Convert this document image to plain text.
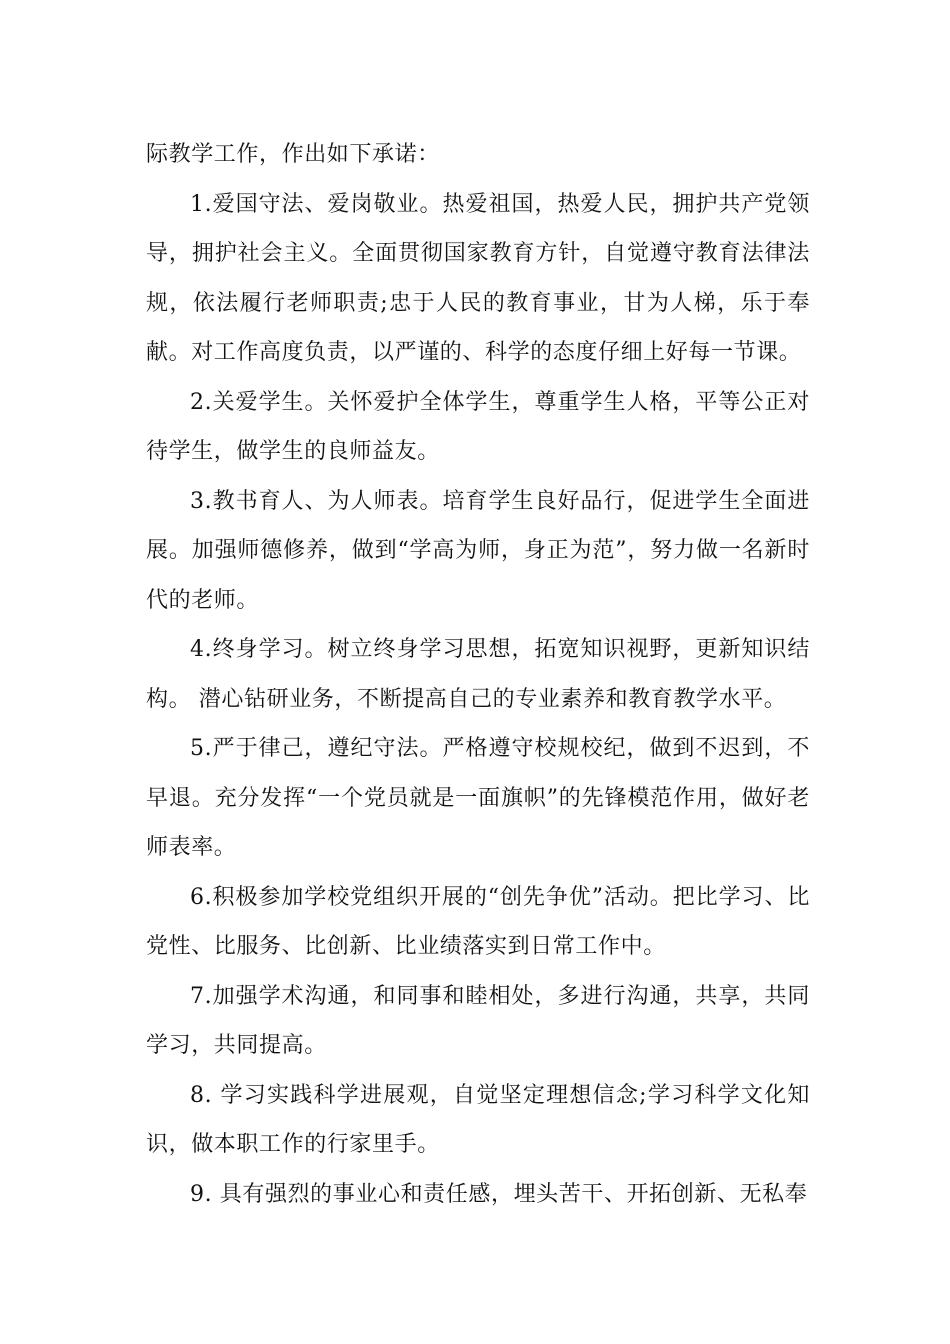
际教学工作，作出如下承诺：

1.爱国守法、爱岗敬业。热爱祖国，热爱人民，拥护共产党领导，拥护社会主义。全面贯彻国家教育方针，自觉遵守教育法律法规，依法履行老师职责;忠于人民的教育事业，甘为人梯，乐于奉献。对工作高度负责，以严谨的、科学的态度仔细上好每一节课。

2.关爱学生。关怀爱护全体学生，尊重学生人格，平等公正对待学生，做学生的良师益友。

3.教书育人、为人师表。培育学生良好品行，促进学生全面进展。加强师德修养，做到“学高为师，身正为范”，努力做一名新时代的老师。

4.终身学习。树立终身学习思想，拓宽知识视野，更新知识结构。 潜心钻研业务，不断提高自己的专业素养和教育教学水平。

5.严于律己，遵纪守法。严格遵守校规校纪，做到不迟到，不早退。充分发挥“一个党员就是一面旗帜”的先锋模范作用，做好老师表率。

6.积极参加学校党组织开展的“创先争优”活动。把比学习、比党性、比服务、比创新、比业绩落实到日常工作中。

7.加强学术沟通，和同事和睦相处，多进行沟通，共享，共同学习，共同提高。

8. 学习实践科学进展观，自觉坚定理想信念;学习科学文化知识，做本职工作的行家里手。

9. 具有强烈的事业心和责任感，埋头苦干、开拓创新、无私奉
